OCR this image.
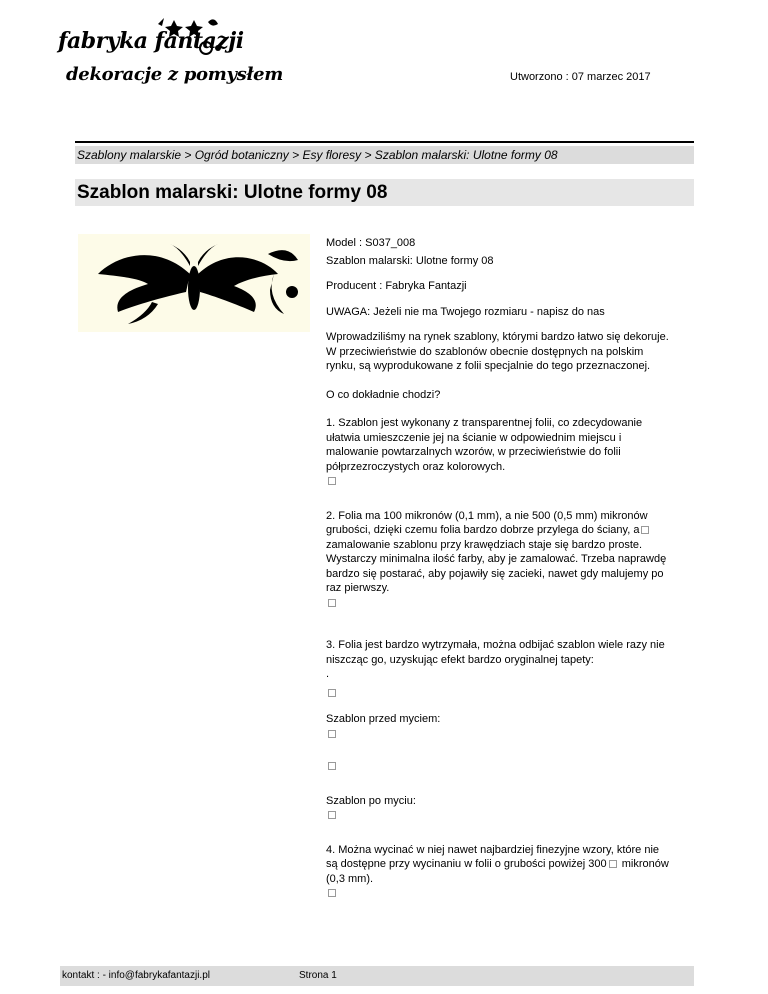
fabryka fantazji
dekoracje z pomysłem	Utworzono : 07 marzec 2017
Szablony malarskie > Ogród botaniczny > Esy floresy > Szablon malarski: Ulotne formy 08
Szablon malarski: Ulotne formy 08

Model : S037_008

Szablon malarski: Ulotne formy 08

Producent : Fabryka Fantazji

UWAGA: Jeżeli nie ma Twojego rozmiaru - napisz do nas

Wprowadziliśmy na rynek szablony, którymi bardzo łatwo się dekoruje. W przeciwieństwie do szablonów obecnie dostępnych na polskim rynku, są wyprodukowane z folii specjalnie do tego przeznaczonej.

O co dokładnie chodzi?

1. Szablon jest wykonany z transparentnej folii, co zdecydowanie ułatwia umieszczenie jej na ścianie w odpowiednim miejscu i malowanie powtarzalnych wzorów, w przeciwieństwie do folii półprzezroczystych oraz kolorowych.

2. Folia ma 100 mikronów (0,1 mm), a nie 500 (0,5 mm) mikronów grubości, dzięki czemu folia bardzo dobrze przylega do ściany, a zamalowanie szablonu przy krawędziach staje się bardzo proste. Wystarczy minimalna ilość farby, aby je zamalować. Trzeba naprawdę bardzo się postarać, aby pojawiły się zacieki, nawet gdy malujemy po raz pierwszy.

3. Folia jest bardzo wytrzymała, można odbijać szablon wiele razy nie niszcząc go, uzyskując efekt bardzo oryginalnej tapety:

.

Szablon przed myciem:

Szablon po myciu:

4. Można wycinać w niej nawet najbardziej finezyjne wzory, które nie są dostępne przy wycinaniu w folii o grubości powiżej 300 mikronów (0,3 mm).

kontakt : - info@fabrykafantazji.pl	Strona 1
